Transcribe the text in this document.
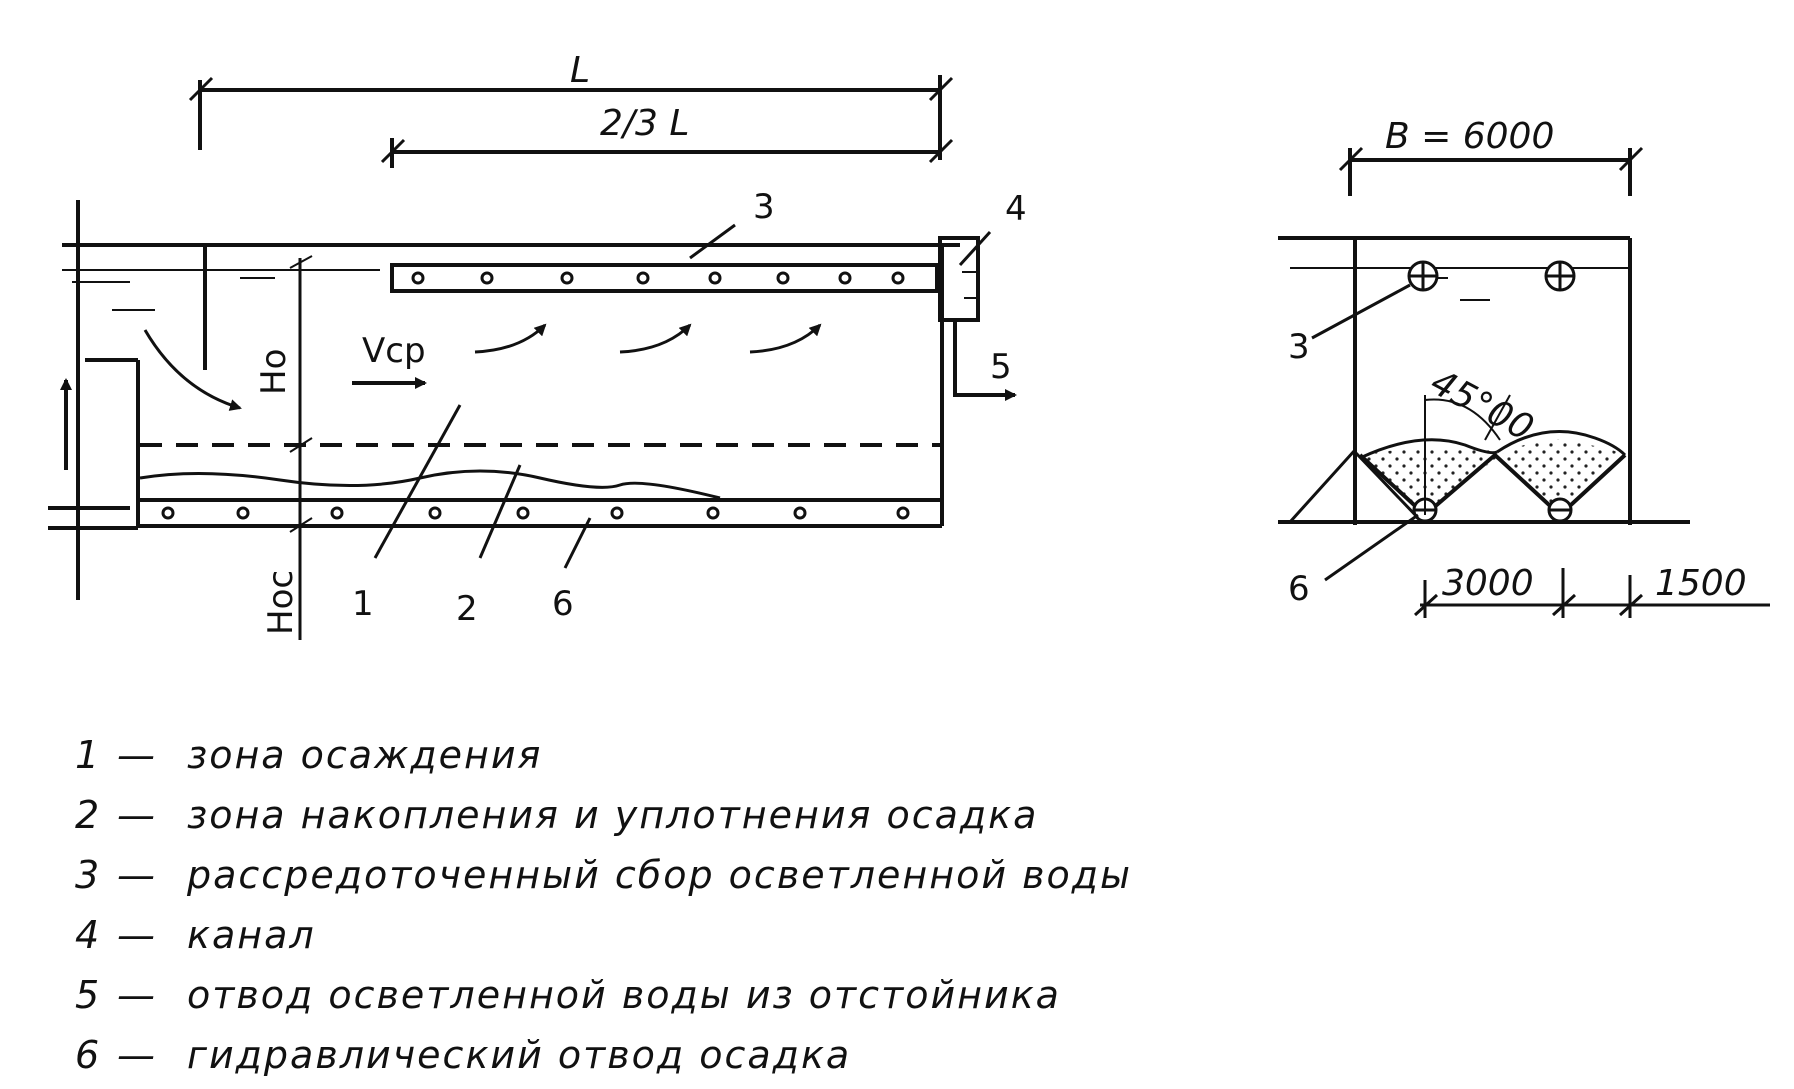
L
2/3 L
Ho
Hoc
Vcp
3	4
5
1 2 6
B = 6000
3
6
45°00
3000	1500
1 — зона осаждения
2 — зона накопления и уплотнения осадка
3 — рассредоточенный сбор осветленной воды
4 — канал
5 — отвод осветленной воды из отстойника
6 — гидравлический отвод осадка
